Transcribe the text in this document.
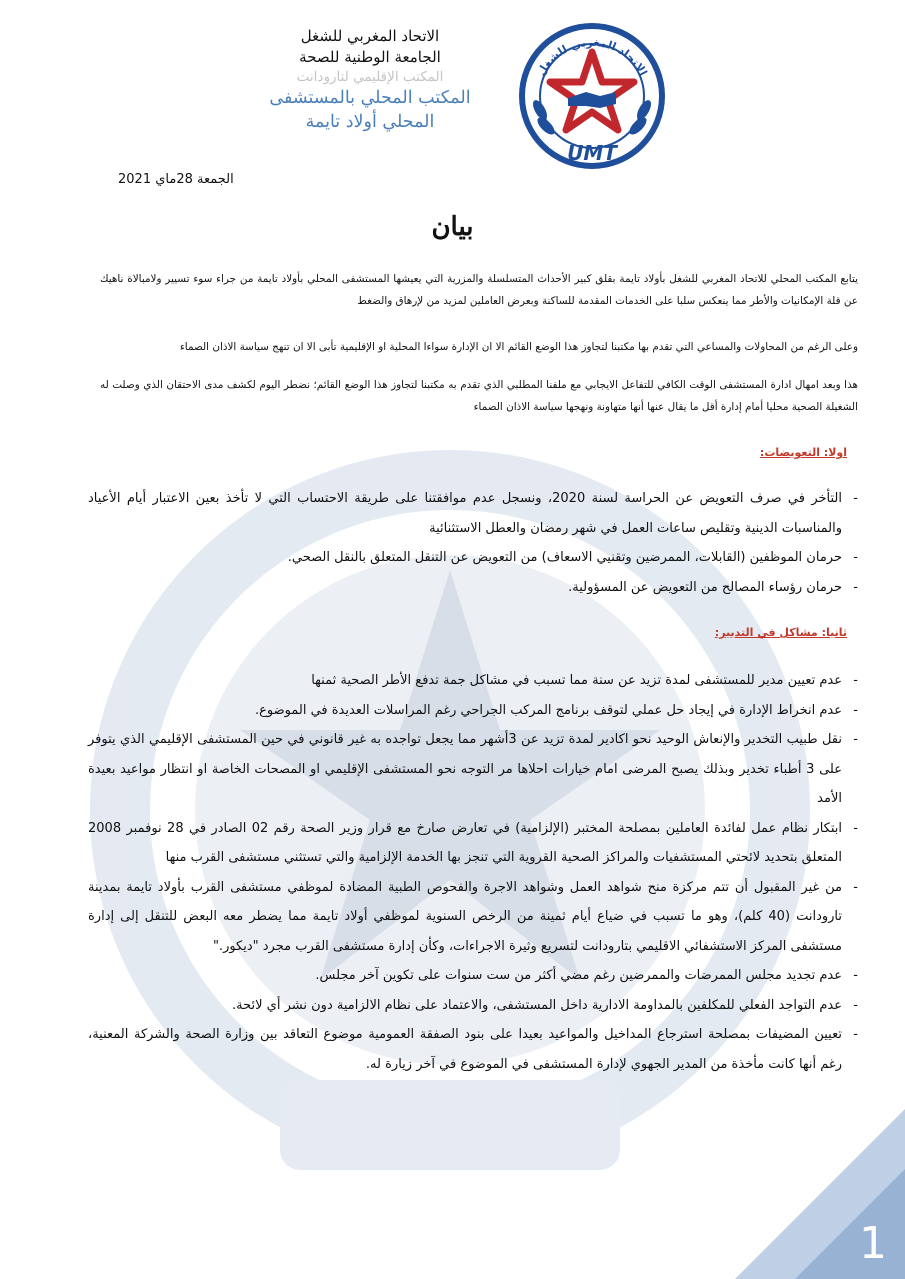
الاتحاد المغربي للشغل
الجامعة الوطنية للصحة
المكتب الإقليمي لتارودانت
المكتب المحلي بالمستشفى
المحلي أولاد تايمة
الاتحاد المغربي للشغل
UMT
الجمعة 28ماي 2021
بيان

يتابع المكتب المحلي للاتحاد المغربي للشغل بأولاد تايمة بقلق كبير الأحداث المتسلسلة والمزرية التي يعيشها المستشفى المحلي بأولاد تايمة من جراء سوء تسيير ولامبالاة ناهيك عن قلة الإمكانيات والأطر مما ينعكس سلبا على الخدمات المقدمة للساكنة وبعرض العاملين لمزيد من لإرهاق والضغط

وعلى الرغم من المحاولات والمساعي التي تقدم بها مكتبنا لتجاوز هذا الوضع القائم الا ان الإدارة سواءا المحلية او الإقليمية تأبى الا ان تنهج سياسة الاذان الصماء

هذا وبعد امهال ادارة المستشفى الوقت الكافي للتفاعل الايجابي مع ملفنا المطلبي الذي تقدم به مكتبنا لتجاوز هذا الوضع القائم؛ نضطر اليوم لكشف مدى الاحتقان الذي وصلت له الشغيلة الصحية محليا أمام إدارة أقل ما يقال عنها أنها متهاونة ونهجها سياسة الاذان الصماء

اولا: التعويضات:
- التأخر في صرف التعويض عن الحراسة لسنة 2020، ونسجل عدم موافقتنا على طريقة الاحتساب التي لا تأخذ بعين الاعتبار أيام الأعياد والمناسبات الدينية وتقليص ساعات العمل في شهر رمضان والعطل الاستثنائية
- حرمان الموظفين (القابلات، الممرضين وتقنيي الاسعاف) من التعويض عن التنقل المتعلق بالنقل الصحي.
- حرمان رؤساء المصالح من التعويض عن المسؤولية.
ثانيا: مشاكل في التدبير:
- عدم تعيين مدير للمستشفى لمدة تزيد عن سنة مما تسبب في مشاكل جمة تدفع الأطر الصحية ثمنها
- عدم انخراط الإدارة في إيجاد حل عملي لتوقف برنامج المركب الجراحي رغم المراسلات العديدة في الموضوع.
- نقل طبيب التخدير والإنعاش الوحيد نحو اكادير لمدة تزيد عن 3أشهر مما يجعل تواجده به غير قانوني في حين المستشفى الإقليمي الذي يتوفر على 3 أطباء تخدير وبذلك يصبح المرضى امام خيارات احلاها مر التوجه نحو المستشفى الإقليمي او المصحات الخاصة او انتظار مواعيد بعيدة الأمد
- ابتكار نظام عمل لفائدة العاملين بمصلحة المختبر (الإلزامية) في تعارض صارخ مع قرار وزير الصحة رقم 02 الصادر في 28 نوفمبر 2008 المتعلق بتحديد لائحتي المستشفيات والمراكز الصحية القروية التي تنجز بها الخدمة الإلزامية والتي تستثني مستشفى القرب منها
- من غير المقبول أن تتم مركزة منح شواهد العمل وشواهد الاجرة والفحوص الطبية المضادة لموظفي مستشفى القرب بأولاد تايمة بمدينة تارودانت (40 كلم)، وهو ما تسبب في ضياع أيام ثمينة من الرخص السنوية لموظفي أولاد تايمة مما يضطر معه البعض للتنقل إلى إدارة مستشفى المركز الاستشفائي الاقليمي بتارودانت لتسريع وثيرة الاجراءات، وكأن إدارة مستشفى القرب مجرد "ديكور."
- عدم تجديد مجلس الممرضات والممرضين رغم مضي أكثر من ست سنوات على تكوين آخر مجلس.
- عدم التواجد الفعلي للمكلفين بالمداومة الادارية داخل المستشفى، والاعتماد على نظام الالزامية دون نشر أي لائحة.
- تعيين المضيفات بمصلحة استرجاع المداخيل والمواعيد بعيدا على بنود الصفقة العمومية موضوع التعاقد بين وزارة الصحة والشركة المعنية، رغم أنها كانت مأخذة من المدير الجهوي لإدارة المستشفى في الموضوع في آخر زيارة له.
1
